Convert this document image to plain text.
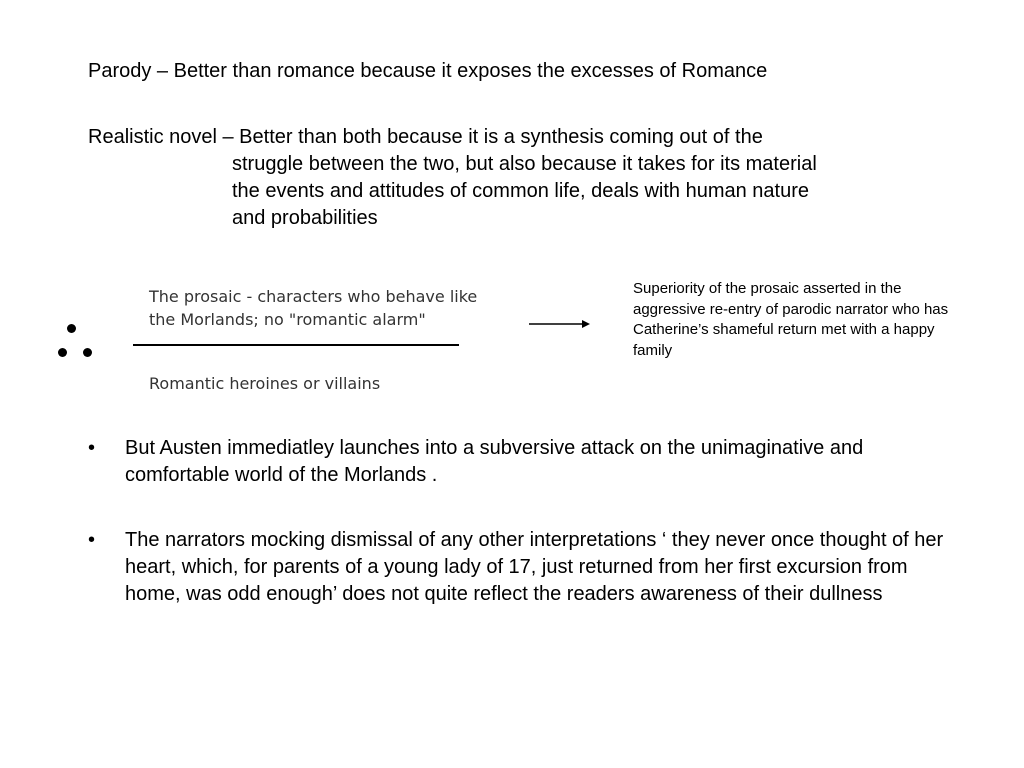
Parody – Better than romance because it exposes the excesses of Romance
Realistic novel – Better than both because it is a synthesis coming out of the
struggle between the two, but also because it takes for its material
the events and attitudes of common life, deals with human nature
and probabilities
The prosaic - characters who behave like
the Morlands; no "romantic alarm"
Romantic heroines or villains
Superiority of the prosaic asserted in the aggressive re-entry of parodic narrator who has Catherine’s shameful return met with a happy family
• But Austen immediatley launches into a subversive attack on the unimaginative and comfortable world of the Morlands .
• The narrators mocking dismissal of any other interpretations ‘ they never once thought of her heart, which, for parents of a young lady of 17, just returned from her first excursion from home, was odd enough’ does not quite reflect the readers awareness of their dullness
